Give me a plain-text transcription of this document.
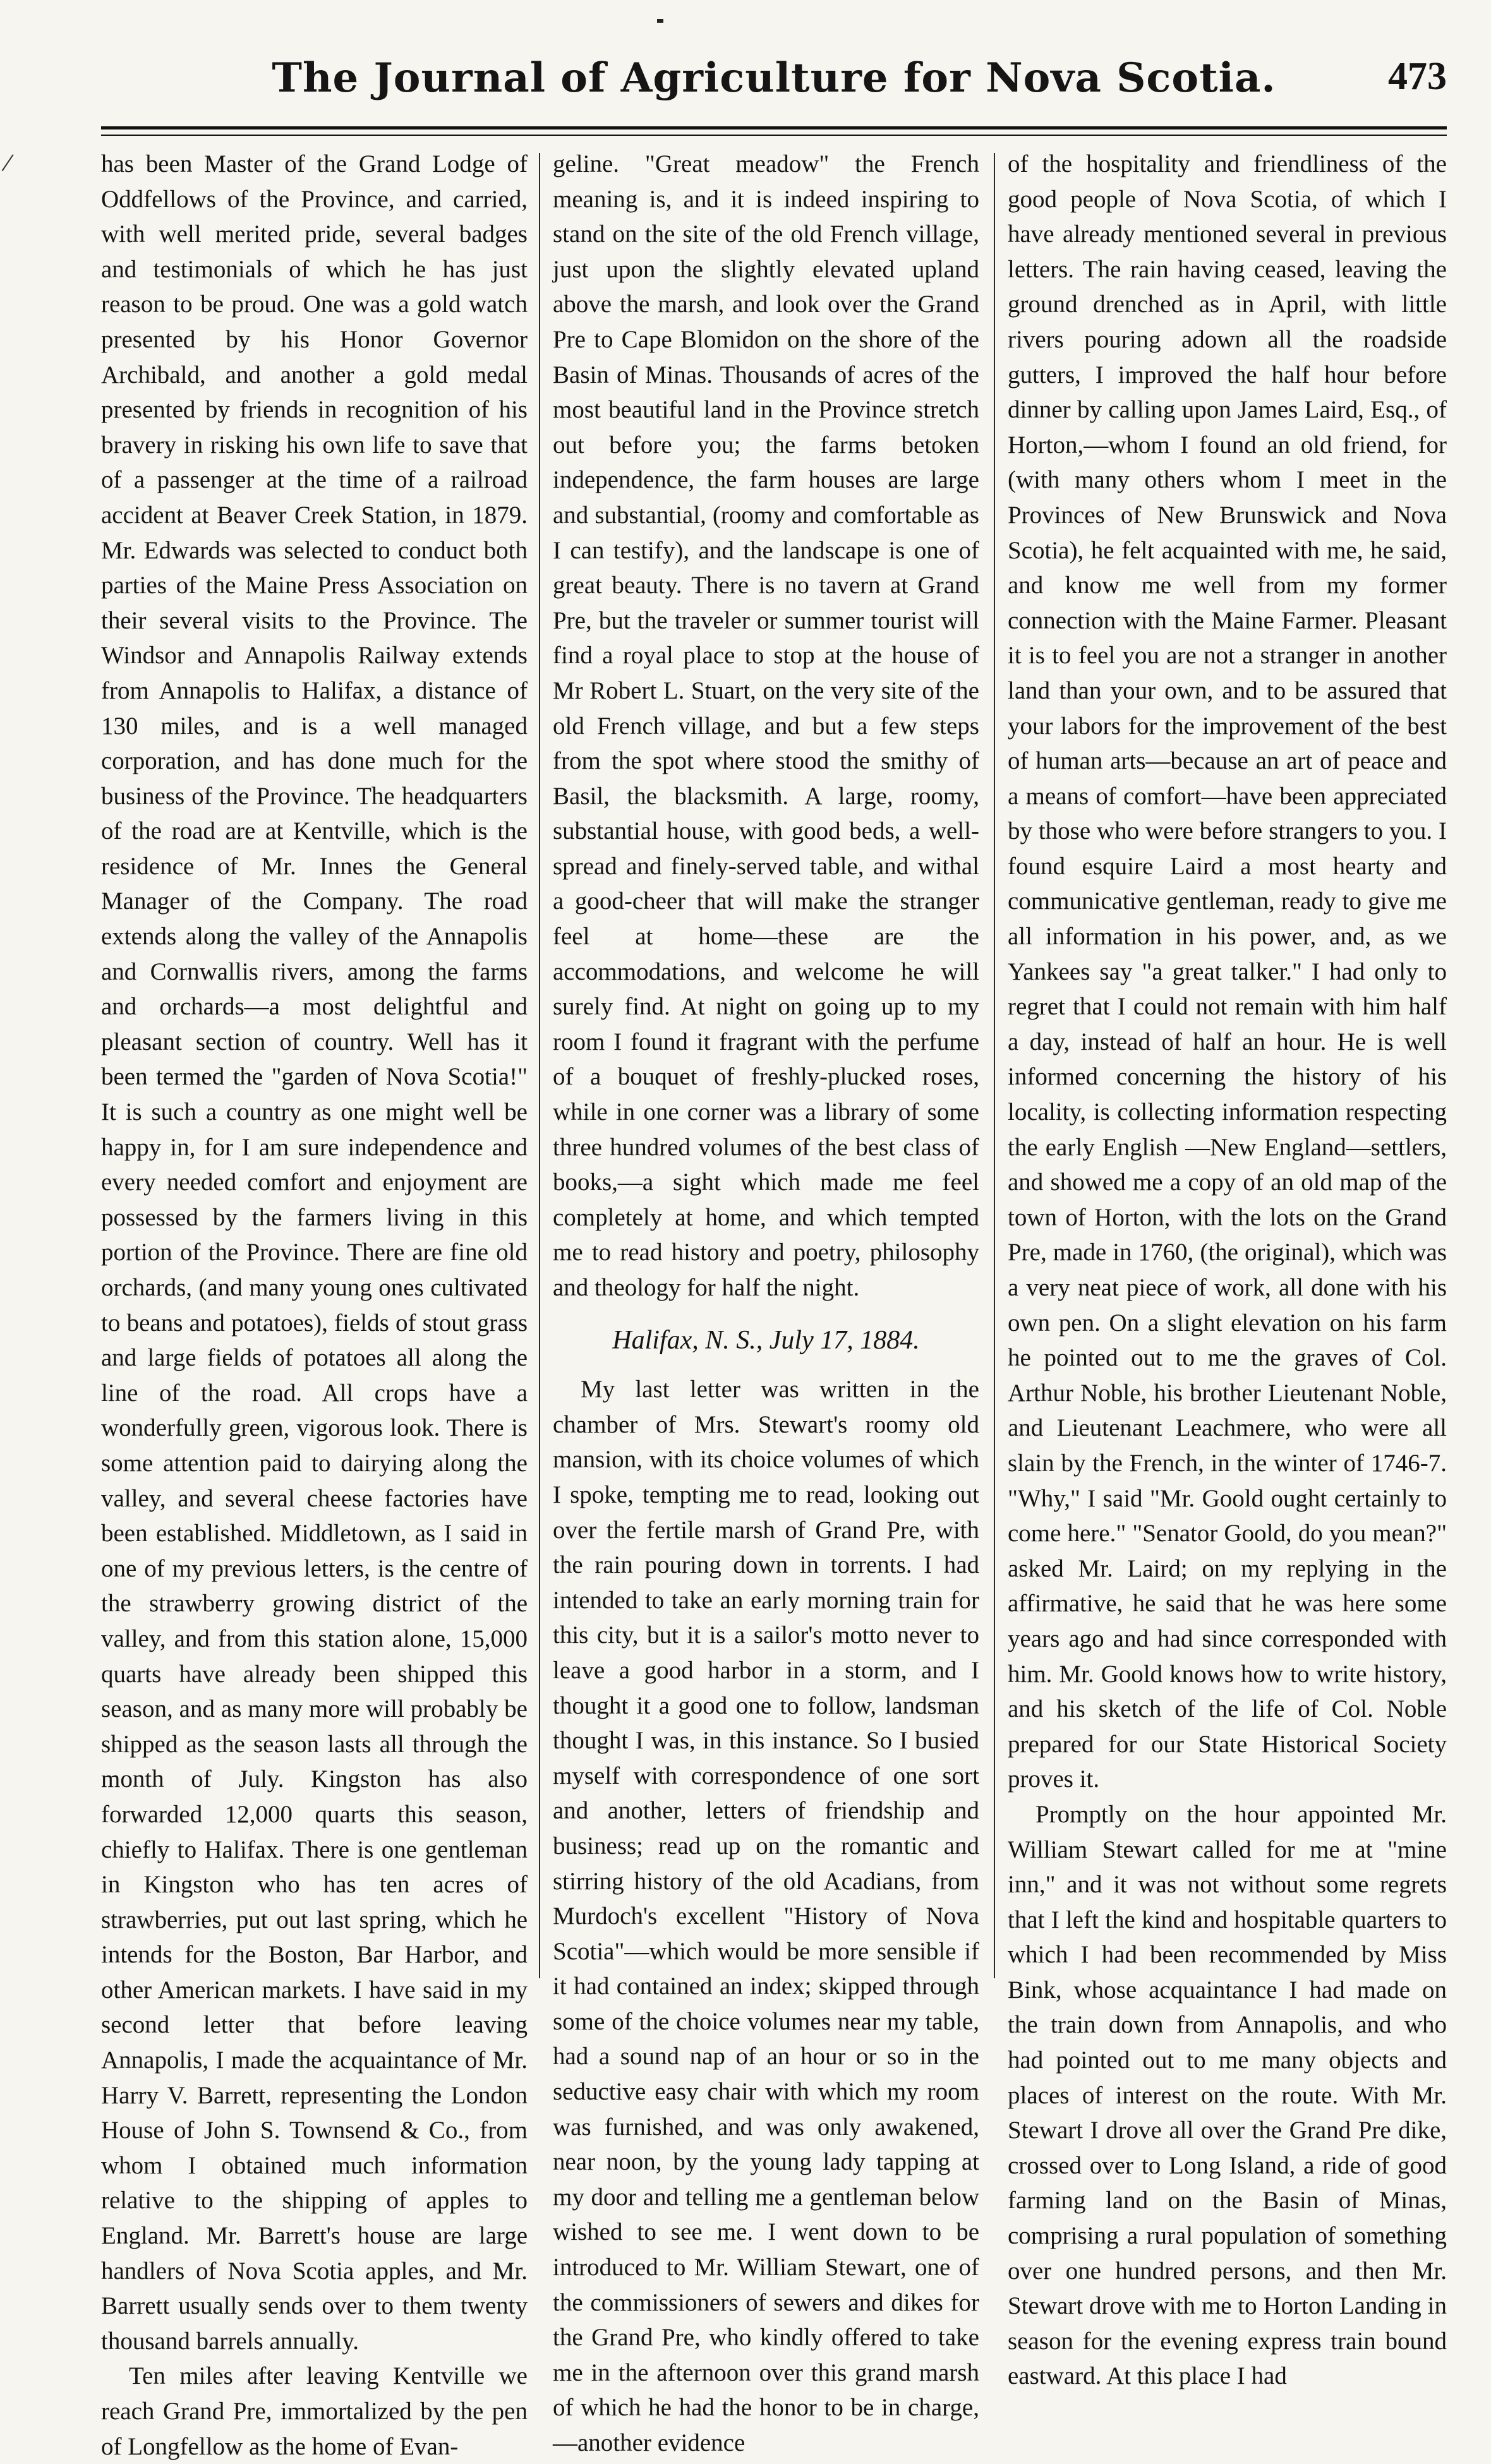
/
The Journal of Agriculture for Nova Scotia.	473

has been Master of the Grand Lodge of Oddfellows of the Province, and carried, with well merited pride, several badges and testimonials of which he has just reason to be proud. One was a gold watch presented by his Honor Governor Archibald, and another a gold medal presented by friends in recognition of his bravery in risking his own life to save that of a passenger at the time of a railroad accident at Beaver Creek Station, in 1879. Mr. Edwards was selected to conduct both parties of the Maine Press Association on their several visits to the Province. The Windsor and Annapolis Railway extends from Annapolis to Halifax, a distance of 130 miles, and is a well managed corporation, and has done much for the business of the Province. The headquarters of the road are at Kentville, which is the residence of Mr. Innes the General Manager of the Company. The road extends along the valley of the Annapolis and Cornwallis rivers, among the farms and orchards—a most delightful and pleasant section of country. Well has it been termed the "garden of Nova Scotia!" It is such a country as one might well be happy in, for I am sure independence and every needed comfort and enjoyment are possessed by the farmers living in this portion of the Province. There are fine old orchards, (and many young ones cultivated to beans and potatoes), fields of stout grass and large fields of potatoes all along the line of the road. All crops have a wonderfully green, vigorous look. There is some attention paid to dairying along the valley, and several cheese factories have been established. Middletown, as I said in one of my previous letters, is the centre of the strawberry growing district of the valley, and from this station alone, 15,000 quarts have already been shipped this season, and as many more will probably be shipped as the season lasts all through the month of July. Kingston has also forwarded 12,000 quarts this season, chiefly to Halifax. There is one gentleman in Kingston who has ten acres of strawberries, put out last spring, which he intends for the Boston, Bar Harbor, and other American markets. I have said in my second letter that before leaving Annapolis, I made the acquaintance of Mr. Harry V. Barrett, representing the London House of John S. Townsend & Co., from whom I obtained much information relative to the shipping of apples to England. Mr. Barrett's house are large handlers of Nova Scotia apples, and Mr. Barrett usually sends over to them twenty thousand barrels annually.

Ten miles after leaving Kentville we reach Grand Pre, immortalized by the pen of Longfellow as the home of Evan-

geline. "Great meadow" the French meaning is, and it is indeed inspiring to stand on the site of the old French village, just upon the slightly elevated upland above the marsh, and look over the Grand Pre to Cape Blomidon on the shore of the Basin of Minas. Thousands of acres of the most beautiful land in the Province stretch out before you; the farms betoken independence, the farm houses are large and substantial, (roomy and comfortable as I can testify), and the landscape is one of great beauty. There is no tavern at Grand Pre, but the traveler or summer tourist will find a royal place to stop at the house of Mr Robert L. Stuart, on the very site of the old French village, and but a few steps from the spot where stood the smithy of Basil, the blacksmith. A large, roomy, substantial house, with good beds, a well-spread and finely-served table, and withal a good-cheer that will make the stranger feel at home—these are the accommodations, and welcome he will surely find. At night on going up to my room I found it fragrant with the perfume of a bouquet of freshly-plucked roses, while in one corner was a library of some three hundred volumes of the best class of books,—a sight which made me feel completely at home, and which tempted me to read history and poetry, philosophy and theology for half the night.

Halifax, N. S., July 17, 1884.

My last letter was written in the chamber of Mrs. Stewart's roomy old mansion, with its choice volumes of which I spoke, tempting me to read, looking out over the fertile marsh of Grand Pre, with the rain pouring down in torrents. I had intended to take an early morning train for this city, but it is a sailor's motto never to leave a good harbor in a storm, and I thought it a good one to follow, landsman thought I was, in this instance. So I busied myself with correspondence of one sort and another, letters of friendship and business; read up on the romantic and stirring history of the old Acadians, from Murdoch's excellent "History of Nova Scotia"—which would be more sensible if it had contained an index; skipped through some of the choice volumes near my table, had a sound nap of an hour or so in the seductive easy chair with which my room was furnished, and was only awakened, near noon, by the young lady tapping at my door and telling me a gentleman below wished to see me. I went down to be introduced to Mr. William Stewart, one of the commissioners of sewers and dikes for the Grand Pre, who kindly offered to take me in the afternoon over this grand marsh of which he had the honor to be in charge,—another evidence

of the hospitality and friendliness of the good people of Nova Scotia, of which I have already mentioned several in previous letters. The rain having ceased, leaving the ground drenched as in April, with little rivers pouring adown all the roadside gutters, I improved the half hour before dinner by calling upon James Laird, Esq., of Horton,—whom I found an old friend, for (with many others whom I meet in the Provinces of New Brunswick and Nova Scotia), he felt acquainted with me, he said, and know me well from my former connection with the Maine Farmer. Pleasant it is to feel you are not a stranger in another land than your own, and to be assured that your labors for the improvement of the best of human arts—because an art of peace and a means of comfort—have been appreciated by those who were before strangers to you. I found esquire Laird a most hearty and communicative gentleman, ready to give me all information in his power, and, as we Yankees say "a great talker." I had only to regret that I could not remain with him half a day, instead of half an hour. He is well informed concerning the history of his locality, is collecting information respecting the early English —New England—settlers, and showed me a copy of an old map of the town of Horton, with the lots on the Grand Pre, made in 1760, (the original), which was a very neat piece of work, all done with his own pen. On a slight elevation on his farm he pointed out to me the graves of Col. Arthur Noble, his brother Lieutenant Noble, and Lieutenant Leachmere, who were all slain by the French, in the winter of 1746-7. "Why," I said "Mr. Goold ought certainly to come here." "Senator Goold, do you mean?" asked Mr. Laird; on my replying in the affirmative, he said that he was here some years ago and had since corresponded with him. Mr. Goold knows how to write history, and his sketch of the life of Col. Noble prepared for our State Historical Society proves it.

Promptly on the hour appointed Mr. William Stewart called for me at "mine inn," and it was not without some regrets that I left the kind and hospitable quarters to which I had been recommended by Miss Bink, whose acquaintance I had made on the train down from Annapolis, and who had pointed out to me many objects and places of interest on the route. With Mr. Stewart I drove all over the Grand Pre dike, crossed over to Long Island, a ride of good farming land on the Basin of Minas, comprising a rural population of something over one hundred persons, and then Mr. Stewart drove with me to Horton Landing in season for the evening express train bound eastward. At this place I had
